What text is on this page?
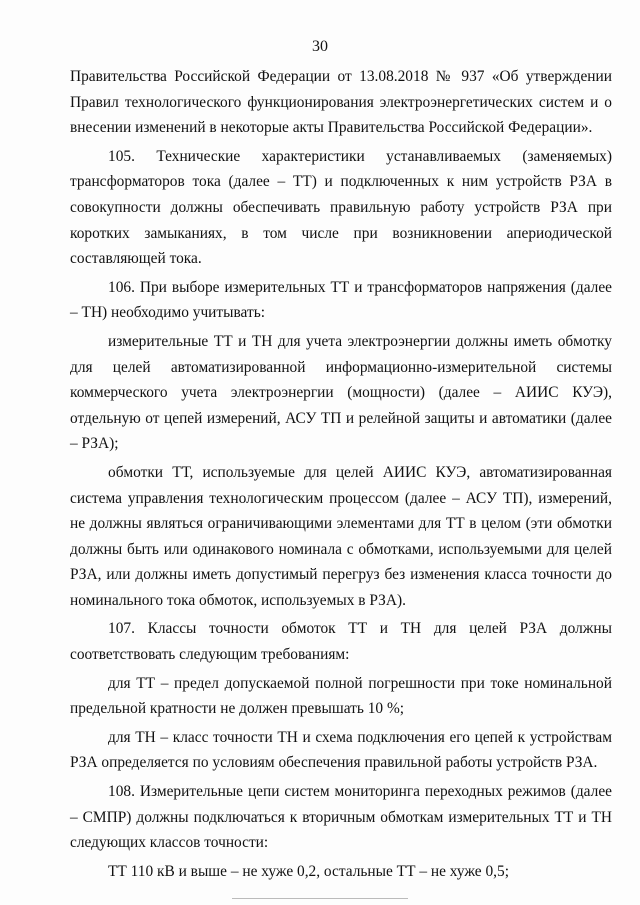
30

Правительства Российской Федерации от 13.08.2018 № 937 «Об утверждении Правил технологического функционирования электроэнергетических систем и о внесении изменений в некоторые акты Правительства Российской Федерации».

105. Технические характеристики устанавливаемых (заменяемых) трансформаторов тока (далее – ТТ) и подключенных к ним устройств РЗА в совокупности должны обеспечивать правильную работу устройств РЗА при коротких замыканиях, в том числе при возникновении апериодической составляющей тока.

106. При выборе измерительных ТТ и трансформаторов напряжения (далее – ТН) необходимо учитывать:

измерительные ТТ и ТН для учета электроэнергии должны иметь обмотку для целей автоматизированной информационно-измерительной системы коммерческого учета электроэнергии (мощности) (далее – АИИС КУЭ), отдельную от цепей измерений, АСУ ТП и релейной защиты и автоматики (далее – РЗА);

обмотки ТТ, используемые для целей АИИС КУЭ, автоматизированная система управления технологическим процессом (далее – АСУ ТП), измерений, не должны являться ограничивающими элементами для ТТ в целом (эти обмотки должны быть или одинакового номинала с обмотками, используемыми для целей РЗА, или должны иметь допустимый перегруз без изменения класса точности до номинального тока обмоток, используемых в РЗА).

107. Классы точности обмоток ТТ и ТН для целей РЗА должны соответствовать следующим требованиям:

для ТТ – предел допускаемой полной погрешности при токе номинальной предельной кратности не должен превышать 10 %;

для ТН – класс точности ТН и схема подключения его цепей к устройствам РЗА определяется по условиям обеспечения правильной работы устройств РЗА.

108. Измерительные цепи систем мониторинга переходных режимов (далее – СМПР) должны подключаться к вторичным обмоткам измерительных ТТ и ТН следующих классов точности:

ТТ 110 кВ и выше – не хуже 0,2, остальные ТТ – не хуже 0,5;
